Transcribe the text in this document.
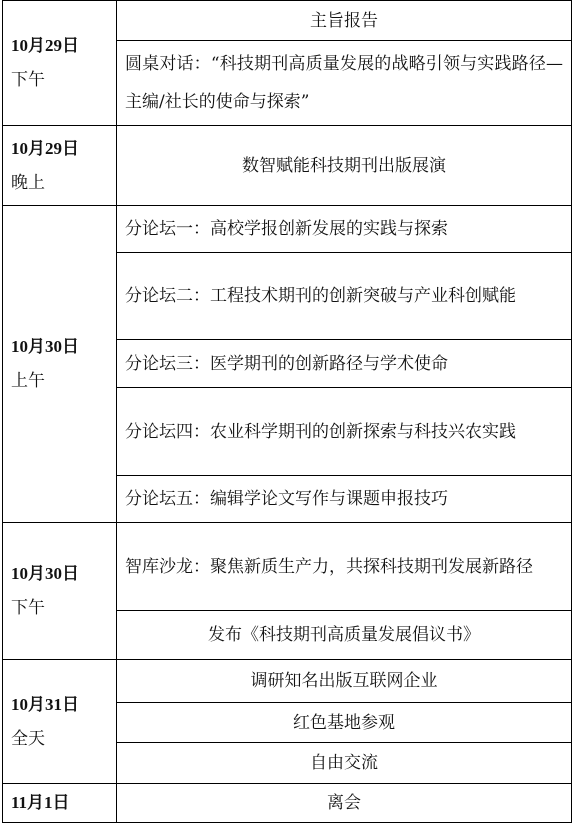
10月29日
下午	主旨报告
	圆桌对话：“科技期刊高质量发展的战略引领与实践路径—主编/社长的使命与探索”

10月29日
晚上	数智赋能科技期刊出版展演

10月30日
上午	分论坛一：高校学报创新发展的实践与探索
	分论坛二：工程技术期刊的创新突破与产业科创赋能
	分论坛三：医学期刊的创新路径与学术使命
	分论坛四：农业科学期刊的创新探索与科技兴农实践
	分论坛五：编辑学论文写作与课题申报技巧

10月30日
下午	智库沙龙：聚焦新质生产力，共探科技期刊发展新路径
	发布《科技期刊高质量发展倡议书》

10月31日
全天	调研知名出版互联网企业
	红色基地参观
	自由交流

11月1日	离会
